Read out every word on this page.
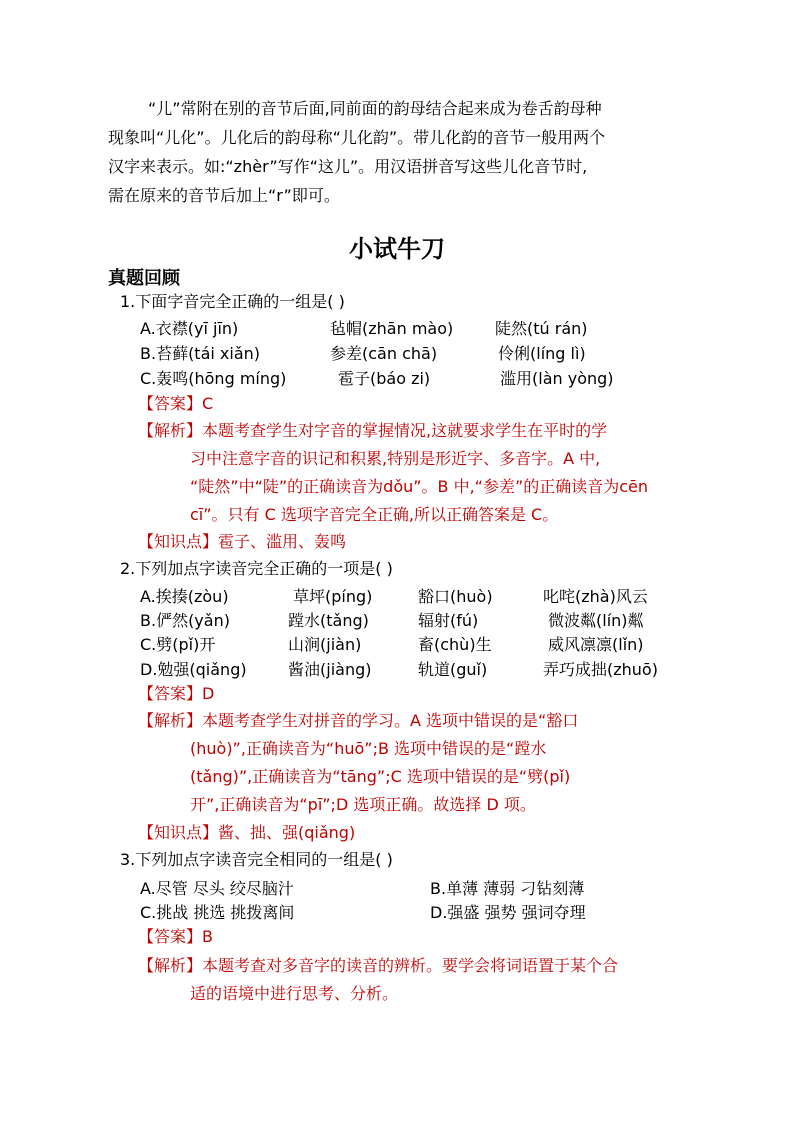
“儿”常附在别的音节后面,同前面的韵母结合起来成为卷舌韵母种

现象叫“儿化”。儿化后的韵母称“儿化韵”。带儿化韵的音节一般用两个

汉字来表示。如:“zhèr”写作“这儿”。用汉语拼音写这些儿化音节时,

需在原来的音节后加上“r”即可。

小试牛刀
真题回顾
1.下面字音完全正确的一组是( )
A.衣襟(yī jīn)	毡帽(zhān mào)	陡然(tú rán)
B.苔藓(tái xiǎn)	参差(cān chā)	伶俐(líng lì)
C.轰鸣(hōng míng)	雹子(báo zi)	滥用(làn yòng)
【答案】C
【解析】本题考查学生对字音的掌握情况,这就要求学生在平时的学
习中注意字音的识记和积累,特别是形近字、多音字。A 中,
“陡然”中“陡”的正确读音为dǒu”。B 中,“参差”的正确读音为cēn
cī”。只有 C 选项字音完全正确,所以正确答案是 C。
【知识点】雹子、滥用、轰鸣
2.下列加点字读音完全正确的一项是( )
A.挨揍(zòu)	草坪(píng)	豁口(huò)	叱咤(zhà)风云
B.俨然(yǎn)	蹚水(tǎng)	辐射(fú)	微波粼(lín)粼
C.劈(pǐ)开	山涧(jiàn)	畜(chù)生	威风凛凛(lǐn)
D.勉强(qiǎng)	酱油(jiàng)	轨道(guǐ)	弄巧成拙(zhuō)
【答案】D
【解析】本题考查学生对拼音的学习。A 选项中错误的是“豁口
(huò)”,正确读音为“huō”;B 选项中错误的是“蹚水
(tǎng)”,正确读音为“tāng”;C 选项中错误的是“劈(pǐ)
开”,正确读音为“pī”;D 选项正确。故选择 D 项。
【知识点】酱、拙、强(qiǎng)
3.下列加点字读音完全相同的一组是( )
A.尽管 尽头 绞尽脑汁	B.单薄 薄弱 刁钻刻薄
C.挑战 挑选 挑拨离间	D.强盛 强势 强词夺理
【答案】B
【解析】本题考查对多音字的读音的辨析。要学会将词语置于某个合
适的语境中进行思考、分析。
